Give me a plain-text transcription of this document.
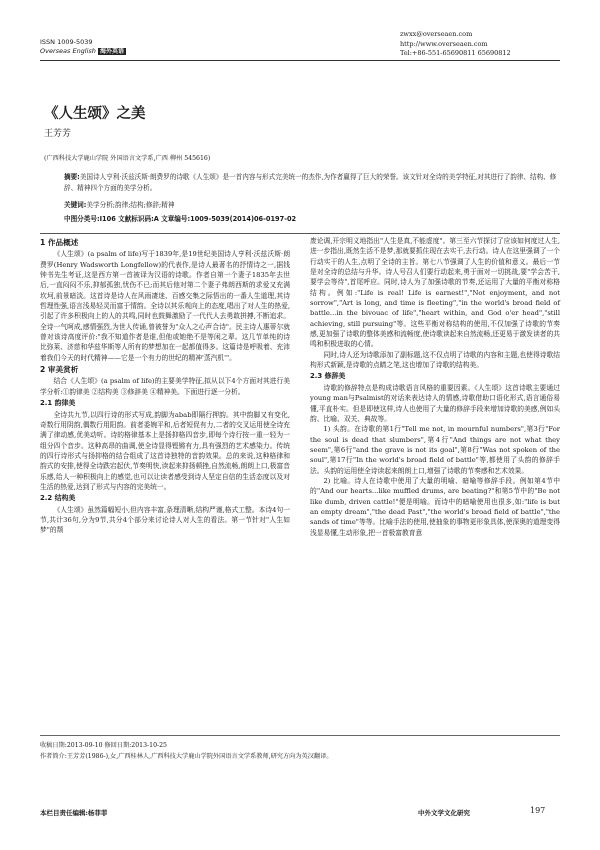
ISSN 1009-5039
Overseas English 海外英语
zwxx@overseaen.com
http://www.overseaen.com
Tel:+86-551-65690811 65690812
《人生颂》之美
王芳芳
(广西科技大学鹿山学院 外国语言文学系,广西 柳州 545616)
摘要:美国诗人亨利·沃兹沃斯·朗费罗的诗歌《人生颂》是一首内容与形式完美统一的杰作,为作者赢得了巨大的荣誉。该文针对全诗的美学特征,对其进行了韵律、结构、修辞、精神四个方面的美学分析。
关键词:美学分析;韵律;结构;修辞;精神
中图分类号:I106 文献标识码:A 文章编号:1009-5039(2014)06-0197-02
1 作品概述

《人生颂》(a psalm of life)写于1839年,是19世纪美国诗人亨利·沃兹沃斯·朗费罗(Henry Wadsworth Longfellow)的代表作,是诗人最著名的抒情诗之一,据钱钟书先生考证,这是西方第一首被译为汉语的诗歌。作者自第一个妻子1835年去世后,一直闷闷不乐,抑郁孤独,忧伤不已;而其后他对第二个妻子弗朗西斯的求爱又充满坎坷,前景暗淡。这首诗是诗人在风雨凄迷、百感交集之际悟出的一番人生道理,其诗哲理性强,语言浅易轻灵而富于情韵。全诗以其乐观向上的态度,唱出了对人生的热爱,引起了许多积极向上的人的共鸣,同时也鼓舞激励了一代代人去勇敢拼搏,不断追求。全诗一气呵成,感情强烈,为世人传诵,曾被誉为"众人之心声合诗"。民主诗人惠蒂尔就曾对该诗高度评价:"我不知道作者是谁,但他或她绝不是等闲之辈。这几节单纯的诗比弥莱、济慈和华兹华斯等人所有的梦想加在一起都值得多。这篇诗是呼吸着、充沛着我们今天的时代精神——它是一个有力的世纪的精神'蒸汽机'"。

2 审美赏析

结合《人生颂》(a psalm of life)的主要美学特征,拟从以下4个方面对其进行美学分析:①韵律美 ②结构美 ③修辞美 ④精神美。下面进行逐一分析。

2.1 韵律美

全诗共九节,以四行诗的形式写成,韵脚为abab即隔行押韵。其中韵脚又有变化,奇数行用阴韵,偶数行用阳韵。前者委婉平和,后者短促有力,二者的交叉运用使全诗充满了律动感,优美动听。诗的格律基本上是扬抑格四音步,即每个诗行按一重一轻为一组分四个音步。这种高昂的曲调,使全诗显得铿锵有力,具有强烈的艺术感染力。传统的四行诗形式与扬抑格的结合组成了这首诗独特的音韵效果。总的来说,这种格律和韵式的安排,使得全诗跌宕起伏,节奏明快,读起来抑扬顿挫,自然流畅,朗朗上口,极富音乐感,给人一种积极向上的感觉,也可以让读者感受到诗人坚定自信的生活态度以及对生活的热爱,达到了形式与内容的完美统一。

2.2 结构美

《人生颂》虽然篇幅短小,但内容丰富,条理清晰,结构严谨,格式工整。本诗4句一节,共计36句,分为9节,共分4个部分来讨论诗人对人生的看法。第一节针对"人生如梦"的颓

废论调,开宗明义地指出"人生是真,不能虚度"。第三至六节探讨了应该如何度过人生,进一步指出,既然生活不是梦,那就要抓住现在去实干,去行动。诗人在这里强调了一个行动实干的人生,点明了全诗的主旨。第七八节强调了人生的价值和意义。最后一节是对全诗的总结与升华。诗人号召人们要行动起来,勇于面对一切挑战,要"学会苦干,要学会等待",首尾呼应。同时,诗人为了加强诗歌的节奏,还运用了大量的平衡对称格结构。例如:"Life is real! Life is earnest!","Not enjoyment, and not sorrow","Art is long, and time is fleeting","in the world's broad field of battle...in the bivouac of life","heart within, and God o'er head","still achieving, still pursuing"等。这些平衡对称结构的使用,不仅加强了诗歌的节奏感,更加强了诗歌的整体美感和流畅度,使诗歌读起来自然流畅,还更易于激发读者的共鸣和积极进取的心情。

同时,诗人还为诗歌添加了副标题,这不仅点明了诗歌的内容和主题,也使得诗歌结构形式新颖,是诗歌的点睛之笔,这也增加了诗歌的结构美。

2.3 修辞美

诗歌的修辞特点是构成诗歌语言风格的重要因素。《人生颂》这首诗歌主要通过young man与Psalmist的对话来表达诗人的情感,诗歌借助口语化形式,语言通俗易懂,平直朴实。但是即使这样,诗人也使用了大量的修辞手段来增加诗歌的美感,例如头韵、比喻、双关、典故等。

1) 头韵。在诗歌的第1行"Tell me not, in mournful numbers",第3行"For the soul is dead that slumbers",第4行"And things are not what they seem",第6行"and the grave is not its goal",第8行"Was not spoken of the soul",第17行"In the world's broad field of battle"等,都使用了头韵的修辞手法。头韵的运用使全诗读起来朗朗上口,增强了诗歌的节奏感和艺术效果。

2) 比喻。诗人在诗歌中使用了大量的明喻、暗喻等修辞手段。例如第4节中的"And our hearts...like muffled drums, are beating?"和第5节中的"Be not like dumb, driven cattle!"便是明喻。而诗中的暗喻使用也很多,如:"life is but an empty dream","the dead Past","the world's broad field of battle","the sands of time"等等。比喻手法的使用,使抽象的事物更形象具体,使深奥的道理变得浅显易懂,生动形象,把一首极富教育意

收稿日期:2013-09-10 修回日期:2013-10-25
作者简介:王芳芳(1986-),女,广西桂林人,广西科技大学鹿山学院外国语言文学系教师,研究方向为英汉翻译。
本栏目责任编辑:杨菲菲	中外文学文化研究	197
